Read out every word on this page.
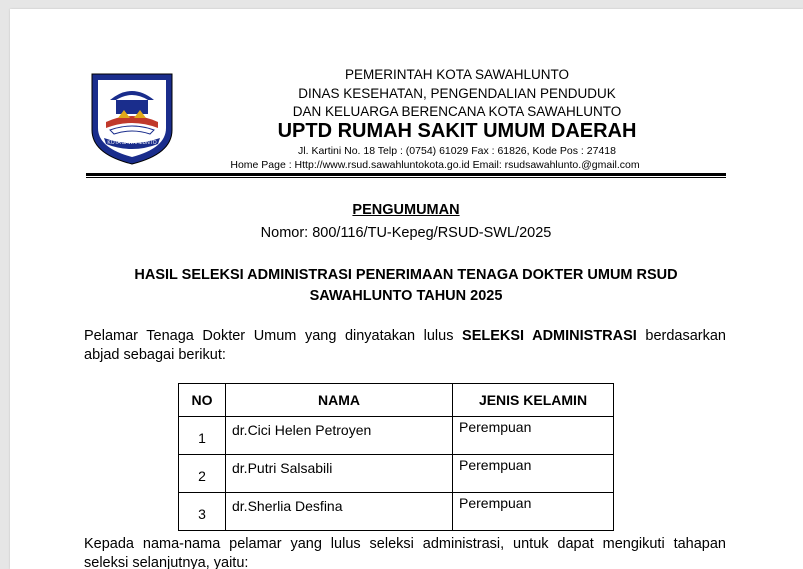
KOTA SAWAHLUNTO
PEMERINTAH KOTA SAWAHLUNTO
DINAS KESEHATAN, PENGENDALIAN PENDUDUK
DAN KELUARGA BERENCANA KOTA SAWAHLUNTO
UPTD RUMAH SAKIT UMUM DAERAH
Jl. Kartini No. 18 Telp : (0754) 61029 Fax : 61826, Kode Pos : 27418
Home Page : Http://www.rsud.sawahluntokota.go.id Email: rsudsawahlunto.@gmail.com
PENGUMUMAN
Nomor: 800/116/TU-Kepeg/RSUD-SWL/2025
HASIL SELEKSI ADMINISTRASI PENERIMAAN TENAGA DOKTER UMUM RSUD
SAWAHLUNTO TAHUN 2025
Pelamar Tenaga Dokter Umum yang dinyatakan lulus SELEKSI ADMINISTRASI berdasarkan
abjad sebagai berikut:
NO	NAMA	JENIS KELAMIN
1	dr.Cici Helen Petroyen	Perempuan
2	dr.Putri Salsabili	Perempuan
3	dr.Sherlia Desfina	Perempuan
Kepada nama-nama pelamar yang lulus seleksi administrasi, untuk dapat mengikuti tahapan
seleksi selanjutnya, yaitu:
